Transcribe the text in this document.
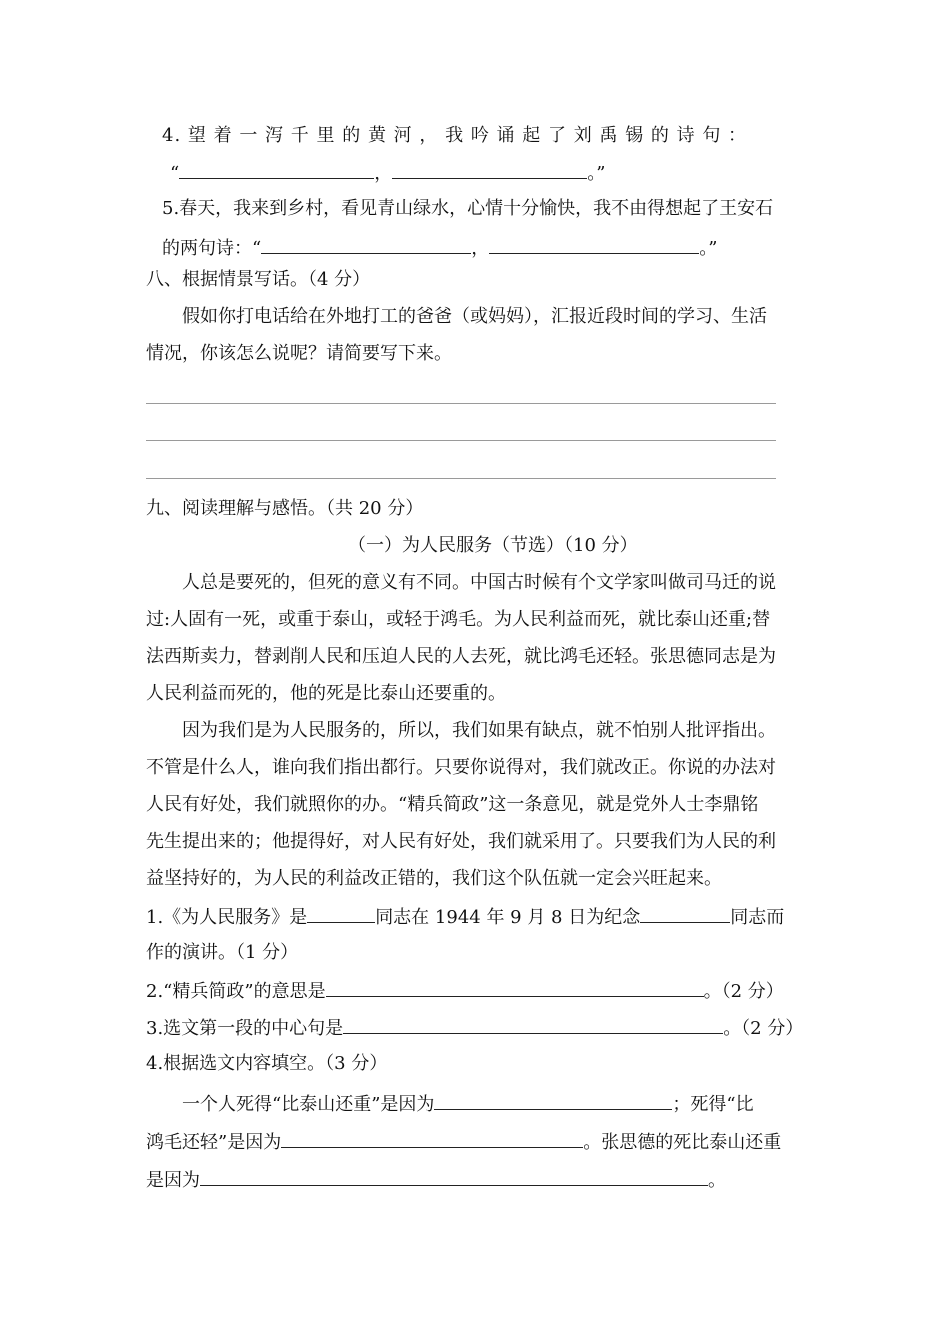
4. 望 着 一 泻 千 里 的 黄 河 ， 我 吟 诵 起 了 刘 禹 锡 的 诗 句 ：
“	，	。”
5.春天，我来到乡村，看见青山绿水，心情十分愉快，我不由得想起了王安石
的两句诗：“	，	。”
八、根据情景写话。（4 分）
假如你打电话给在外地打工的爸爸（或妈妈），汇报近段时间的学习、生活
情况，你该怎么说呢？请简要写下来。
九、阅读理解与感悟。（共 20 分）
（一）为人民服务（节选）（10 分）
人总是要死的，但死的意义有不同。中国古时候有个文学家叫做司马迁的说
过:人固有一死，或重于泰山，或轻于鸿毛。为人民利益而死，就比泰山还重;替
法西斯卖力，替剥削人民和压迫人民的人去死，就比鸿毛还轻。张思德同志是为
人民利益而死的，他的死是比泰山还要重的。
因为我们是为人民服务的，所以，我们如果有缺点，就不怕别人批评指出。
不管是什么人，谁向我们指出都行。只要你说得对，我们就改正。你说的办法对
人民有好处，我们就照你的办。“精兵简政”这一条意见，就是党外人士李鼎铭
先生提出来的；他提得好，对人民有好处，我们就采用了。只要我们为人民的利
益坚持好的，为人民的利益改正错的，我们这个队伍就一定会兴旺起来。
1.《为人民服务》是	同志在 1944 年 9 月 8 日为纪念	同志而
作的演讲。（1 分）
2.“精兵简政”的意思是	。（2 分）
3.选文第一段的中心句是	。（2 分）
4.根据选文内容填空。（3 分）
一个人死得“比泰山还重”是因为	；死得“比
鸿毛还轻”是因为	。张思德的死比泰山还重
是因为	。
